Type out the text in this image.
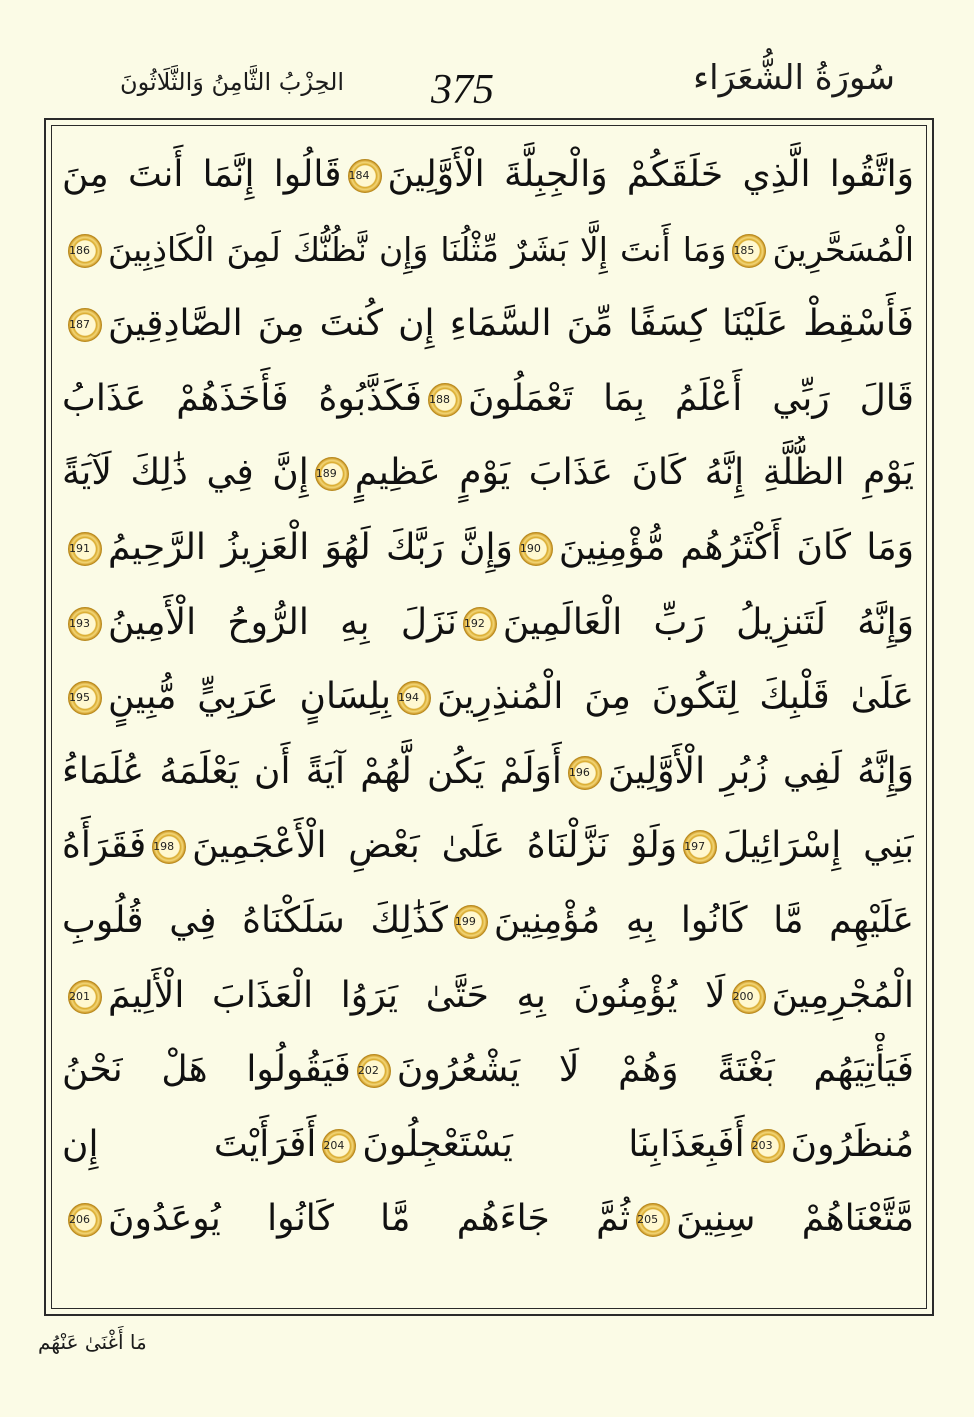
سُورَةُ الشُّعَرَاء
375
الحِزْبُ الثَّامِنُ وَالثَّلَاثُونَ
وَاتَّقُوا الَّذِي خَلَقَكُمْ وَالْجِبِلَّةَ الْأَوَّلِينَ184قَالُوا إِنَّمَا أَنتَ مِنَ
الْمُسَحَّرِينَ185وَمَا أَنتَ إِلَّا بَشَرٌ مِّثْلُنَا وَإِن نَّظُنُّكَ لَمِنَ الْكَاذِبِينَ186
فَأَسْقِطْ عَلَيْنَا كِسَفًا مِّنَ السَّمَاءِ إِن كُنتَ مِنَ الصَّادِقِينَ187
قَالَ رَبِّي أَعْلَمُ بِمَا تَعْمَلُونَ188فَكَذَّبُوهُ فَأَخَذَهُمْ عَذَابُ
يَوْمِ الظُّلَّةِ إِنَّهُ كَانَ عَذَابَ يَوْمٍ عَظِيمٍ189إِنَّ فِي ذَٰلِكَ لَآيَةً
وَمَا كَانَ أَكْثَرُهُم مُّؤْمِنِينَ190وَإِنَّ رَبَّكَ لَهُوَ الْعَزِيزُ الرَّحِيمُ191
وَإِنَّهُ لَتَنزِيلُ رَبِّ الْعَالَمِينَ192نَزَلَ بِهِ الرُّوحُ الْأَمِينُ193
عَلَىٰ قَلْبِكَ لِتَكُونَ مِنَ الْمُنذِرِينَ194بِلِسَانٍ عَرَبِيٍّ مُّبِينٍ195
وَإِنَّهُ لَفِي زُبُرِ الْأَوَّلِينَ196أَوَلَمْ يَكُن لَّهُمْ آيَةً أَن يَعْلَمَهُ عُلَمَاءُ
بَنِي إِسْرَائِيلَ197وَلَوْ نَزَّلْنَاهُ عَلَىٰ بَعْضِ الْأَعْجَمِينَ198فَقَرَأَهُ
عَلَيْهِم مَّا كَانُوا بِهِ مُؤْمِنِينَ199كَذَٰلِكَ سَلَكْنَاهُ فِي قُلُوبِ
الْمُجْرِمِينَ200لَا يُؤْمِنُونَ بِهِ حَتَّىٰ يَرَوُا الْعَذَابَ الْأَلِيمَ201
فَيَأْتِيَهُم بَغْتَةً وَهُمْ لَا يَشْعُرُونَ202فَيَقُولُوا هَلْ نَحْنُ
مُنظَرُونَ203أَفَبِعَذَابِنَا يَسْتَعْجِلُونَ204أَفَرَأَيْتَ إِن
مَّتَّعْنَاهُمْ سِنِينَ205ثُمَّ جَاءَهُم مَّا كَانُوا يُوعَدُونَ206
مَا أَغْنَىٰ عَنْهُم
